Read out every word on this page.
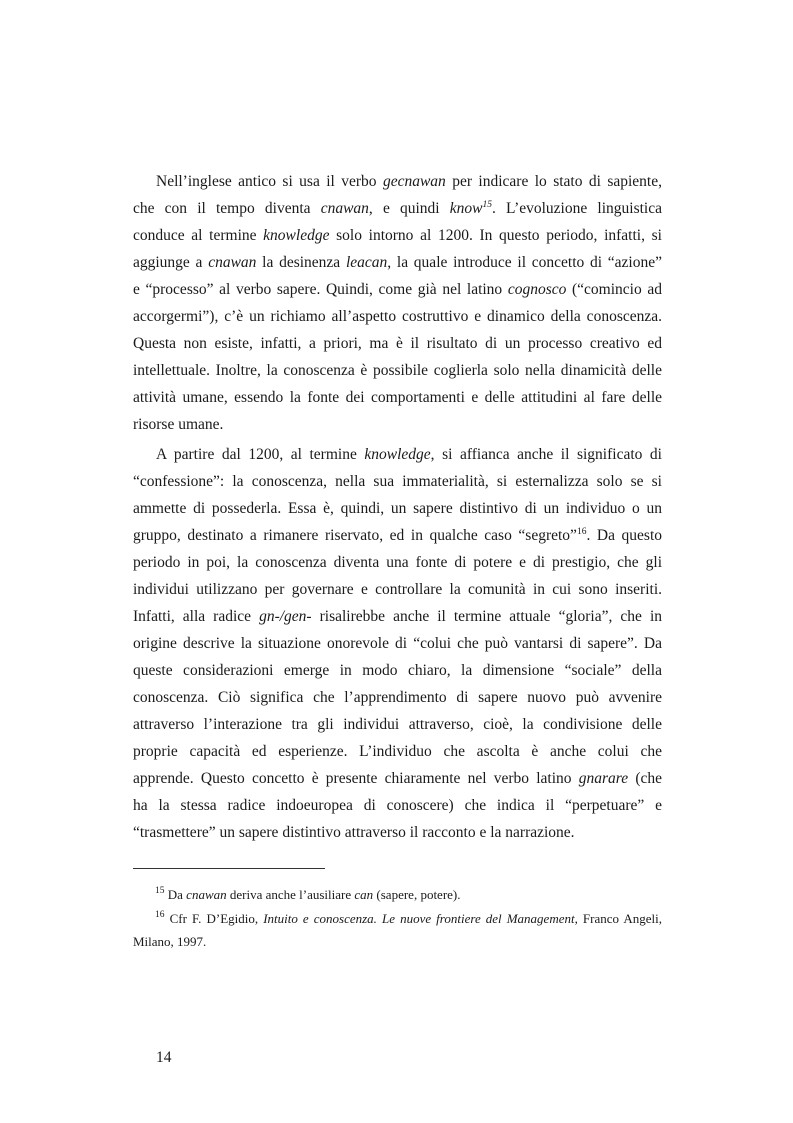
Nell’inglese antico si usa il verbo gecnawan per indicare lo stato di sapiente,
che con il tempo diventa cnawan, e quindi know$^{15}$. L’evoluzione linguistica
conduce al termine knowledge solo intorno al 1200. In questo periodo, infatti, si
aggiunge a cnawan la desinenza leacan, la quale introduce il concetto di “azione”
e “processo” al verbo sapere. Quindi, come già nel latino cognosco (“comincio ad
accorgermi”), c’è un richiamo all’aspetto costruttivo e dinamico della conoscenza.
Questa non esiste, infatti, a priori, ma è il risultato di un processo creativo ed
intellettuale. Inoltre, la conoscenza è possibile coglierla solo nella dinamicità delle
attività umane, essendo la fonte dei comportamenti e delle attitudini al fare delle
risorse umane.
A partire dal 1200, al termine knowledge, si affianca anche il significato di
“confessione”: la conoscenza, nella sua immaterialità, si esternalizza solo se si
ammette di possederla. Essa è, quindi, un sapere distintivo di un individuo o un
gruppo, destinato a rimanere riservato, ed in qualche caso “segreto”$^{16}$. Da questo
periodo in poi, la conoscenza diventa una fonte di potere e di prestigio, che gli
individui utilizzano per governare e controllare la comunità in cui sono inseriti.
Infatti, alla radice gn-/gen- risalirebbe anche il termine attuale “gloria”, che in
origine descrive la situazione onorevole di “colui che può vantarsi di sapere”. Da
queste considerazioni emerge in modo chiaro, la dimensione “sociale” della
conoscenza. Ciò significa che l’apprendimento di sapere nuovo può avvenire
attraverso l’interazione tra gli individui attraverso, cioè, la condivisione delle
proprie capacità ed esperienze. L’individuo che ascolta è anche colui che
apprende. Questo concetto è presente chiaramente nel verbo latino gnarare (che
ha la stessa radice indoeuropea di conoscere) che indica il “perpetuare” e
“trasmettere” un sapere distintivo attraverso il racconto e la narrazione.
$^{15}$ Da cnawan deriva anche l’ausiliare can (sapere, potere).
$^{16}$ Cfr F. D’Egidio, Intuito e conoscenza. Le nuove frontiere del Management, Franco Angeli,
Milano, 1997.
14
